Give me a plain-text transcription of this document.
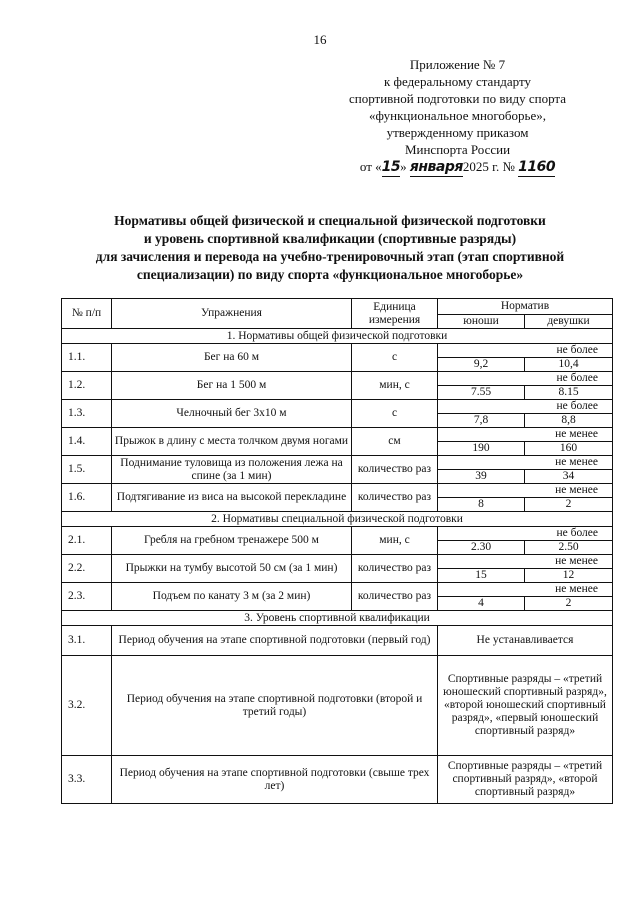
16
Приложение № 7
к федеральному стандарту
спортивной подготовки по виду спорта
«функциональное многоборье»,
утвержденному приказом
Минспорта России
от «15» января2025 г. № 1160
Нормативы общей физической и специальной физической подготовки
и уровень спортивной квалификации (спортивные разряды)
для зачисления и перевода на учебно-тренировочный этап (этап спортивной
специализации) по виду спорта «функциональное многоборье»
№ п/п	Упражнения	Единица измерения	Норматив	
			юноши	девушки
1. Нормативы общей физической подготовки				
1.1.	Бег на 60 м	с	не более	
			9,2	10,4
1.2.	Бег на 1 500 м	мин, с	не более	
			7.55	8.15
1.3.	Челночный бег 3х10 м	с	не более	
			7,8	8,8
1.4.	Прыжок в длину с места толчком двумя ногами	см	не менее	
			190	160
1.5.	Поднимание туловища из положения лежа на спине (за 1 мин)	количество раз	не менее	
			39	34
1.6.	Подтягивание из виса на высокой перекладине	количество раз	не менее	
			8	2
2. Нормативы специальной физической подготовки				
2.1.	Гребля на гребном тренажере 500 м	мин, с	не более	
			2.30	2.50
2.2.	Прыжки на тумбу высотой 50 см (за 1 мин)	количество раз	не менее	
			15	12
2.3.	Подъем по канату 3 м (за 2 мин)	количество раз	не менее	
			4	2
3. Уровень спортивной квалификации				
3.1.	Период обучения на этапе спортивной подготовки (первый год)		Не устанавливается	
3.2.	Период обучения на этапе спортивной подготовки (второй и третий годы)		Спортивные разряды – «третий юношеский спортивный разряд», «второй юношеский спортивный разряд», «первый юношеский спортивный разряд»	
3.3.	Период обучения на этапе спортивной подготовки (свыше трех лет)		Спортивные разряды – «третий спортивный разряд», «второй спортивный разряд»	
